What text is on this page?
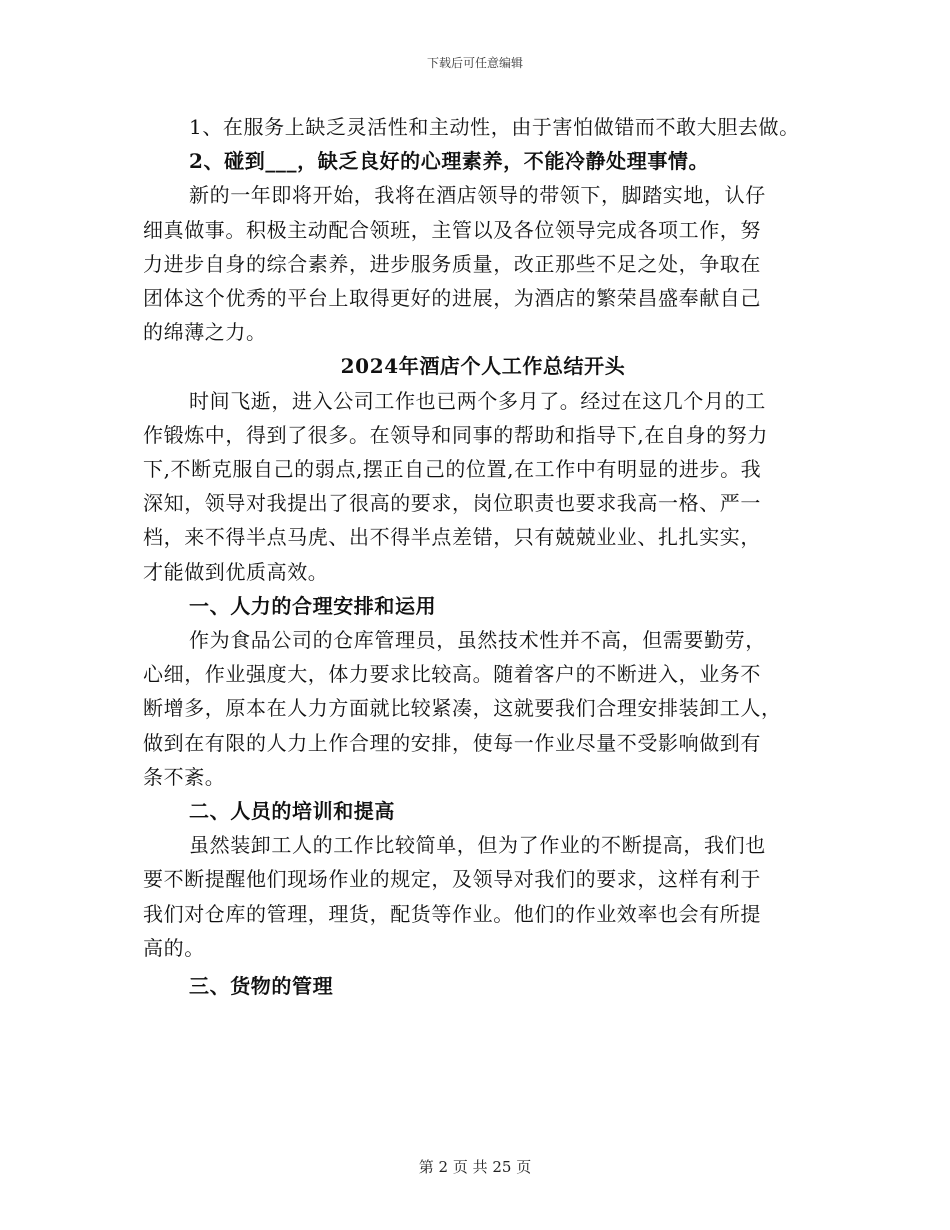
下载后可任意编辑
1、在服务上缺乏灵活性和主动性，由于害怕做错而不敢大胆去做。
2、碰到___，缺乏良好的心理素养，不能冷静处理事情。
新的一年即将开始，我将在酒店领导的带领下，脚踏实地，认仔
细真做事。积极主动配合领班，主管以及各位领导完成各项工作，努
力进步自身的综合素养，进步服务质量，改正那些不足之处，争取在
团体这个优秀的平台上取得更好的进展，为酒店的繁荣昌盛奉献自己
的绵薄之力。
2024年酒店个人工作总结开头
时间飞逝，进入公司工作也已两个多月了。经过在这几个月的工
作锻炼中，得到了很多。在领导和同事的帮助和指导下,在自身的努力
下,不断克服自己的弱点,摆正自己的位置,在工作中有明显的进步。我
深知，领导对我提出了很高的要求，岗位职责也要求我高一格、严一
档，来不得半点马虎、出不得半点差错，只有兢兢业业、扎扎实实，
才能做到优质高效。
一、人力的合理安排和运用
作为食品公司的仓库管理员，虽然技术性并不高，但需要勤劳，
心细，作业强度大，体力要求比较高。随着客户的不断进入，业务不
断增多，原本在人力方面就比较紧凑，这就要我们合理安排装卸工人，
做到在有限的人力上作合理的安排，使每一作业尽量不受影响做到有
条不紊。
二、人员的培训和提高
虽然装卸工人的工作比较简单，但为了作业的不断提高，我们也
要不断提醒他们现场作业的规定，及领导对我们的要求，这样有利于
我们对仓库的管理，理货，配货等作业。他们的作业效率也会有所提
高的。
三、货物的管理
第 2 页 共 25 页
